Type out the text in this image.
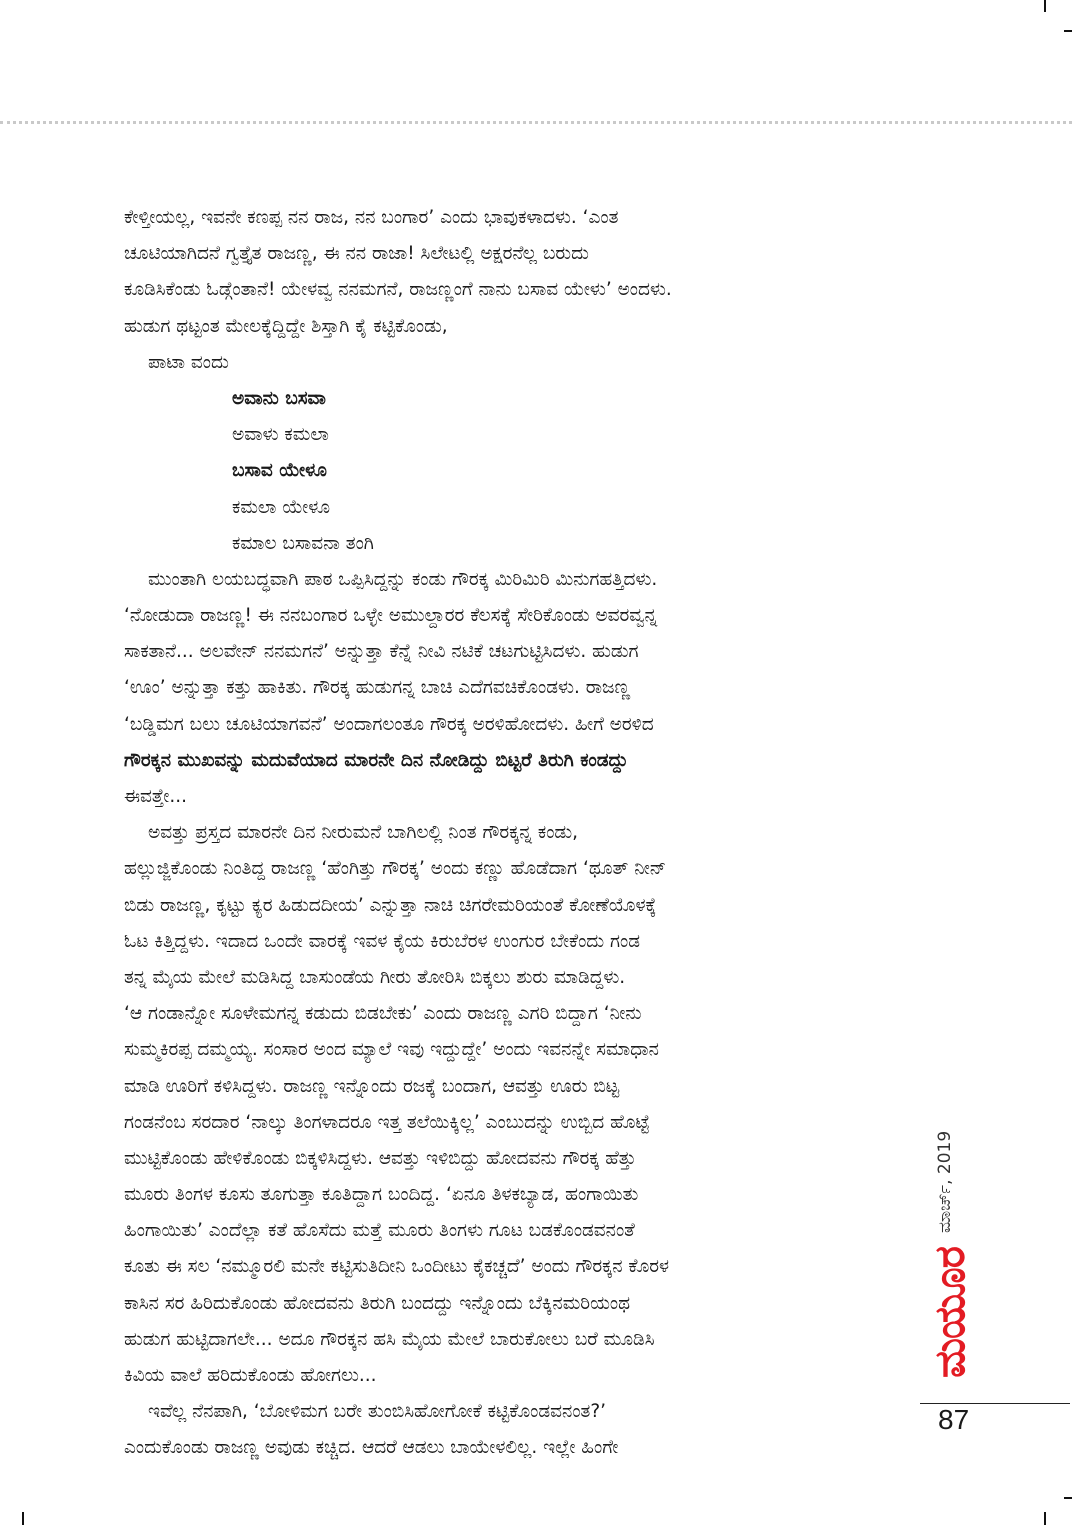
ಕೇಳ್ತೀಯಲ್ಲ, ಇವನೇ ಕಣಪ್ಪ ನನ ರಾಜ, ನನ ಬಂಗಾರ’ ಎಂದು ಭಾವುಕಳಾದಳು. ‘ಎಂತ
ಚೂಟಿಯಾಗಿದನೆ ಗ್ವತ್ತೈತ ರಾಜಣ್ಣ, ಈ ನನ ರಾಜಾ! ಸಿಲೇಟಲ್ಲಿ ಅಕ್ಷರನೆಲ್ಲ ಬರುದು
ಕೂಡಿಸಿಕೆಂಡು ಓಡ್ಗೆಂತಾನೆ! ಯೇಳವ್ವ ನನಮಗನೆ, ರಾಜಣ್ಣಂಗೆ ನಾನು ಬಸಾವ ಯೇಳು’ ಅಂದಳು.
ಹುಡುಗ ಥಟ್ಟಂತ ಮೇಲಕ್ಕೆದ್ದಿದ್ದೇ ಶಿಸ್ತಾಗಿ ಕೈ ಕಟ್ಟಿಕೊಂಡು,
ಪಾಟಾ ವಂದು
ಅವಾನು ಬಸವಾ
ಅವಾಳು ಕಮಲಾ
ಬಸಾವ ಯೇಳೂ
ಕಮಲಾ ಯೇಳೂ
ಕಮಾಲ ಬಸಾವನಾ ತಂಗಿ
ಮುಂತಾಗಿ ಲಯಬದ್ಧವಾಗಿ ಪಾಠ ಒಪ್ಪಿಸಿದ್ದನ್ನು ಕಂಡು ಗೌರಕ್ಕ ಮಿರಿಮಿರಿ ಮಿನುಗಹತ್ತಿದಳು.
‘ನೋಡುದಾ ರಾಜಣ್ಣ! ಈ ನನಬಂಗಾರ ಒಳ್ಳೇ ಅಮುಲ್ದಾರರ ಕೆಲಸಕ್ಕೆ ಸೇರಿಕೊಂಡು ಅವರವ್ವನ್ನ
ಸಾಕತಾನೆ... ಅಲವೇನ್ ನನಮಗನೆ’ ಅನ್ನುತ್ತಾ ಕೆನ್ನೆ ನೀವಿ ನಟಿಕೆ ಚಟಗುಟ್ಟಿಸಿದಳು. ಹುಡುಗ
‘ಊಂ’ ಅನ್ನುತ್ತಾ ಕತ್ತು ಹಾಕಿತು. ಗೌರಕ್ಕ ಹುಡುಗನ್ನ ಬಾಚಿ ಎದೆಗವಚಿಕೊಂಡಳು. ರಾಜಣ್ಣ
‘ಬಡ್ಡಿಮಗ ಬಲು ಚೂಟಿಯಾಗವನೆ’ ಅಂದಾಗಲಂತೂ ಗೌರಕ್ಕ ಅರಳಿಹೋದಳು. ಹೀಗೆ ಅರಳಿದ
ಗೌರಕ್ಕನ ಮುಖವನ್ನು ಮದುವೆಯಾದ ಮಾರನೇ ದಿನ ನೋಡಿದ್ದು ಬಿಟ್ಟರೆ ತಿರುಗಿ ಕಂಡದ್ದು
ಈವತ್ತೇ...
ಅವತ್ತು ಪ್ರಸ್ತದ ಮಾರನೇ ದಿನ ನೀರುಮನೆ ಬಾಗಿಲಲ್ಲಿ ನಿಂತ ಗೌರಕ್ಕನ್ನ ಕಂಡು,
ಹಲ್ಲುಜ್ಜಿಕೊಂಡು ನಿಂತಿದ್ದ ರಾಜಣ್ಣ ‘ಹೆಂಗಿತ್ತು ಗೌರಕ್ಕ’ ಅಂದು ಕಣ್ಣು ಹೊಡೆದಾಗ ‘ಥೂತ್ ನೀನ್
ಬಿಡು ರಾಜಣ್ಣ, ಕೃಟ್ಟು ಕ್ಯರ ಹಿಡುದದೀಯ’ ಎನ್ನುತ್ತಾ ನಾಚಿ ಚಿಗರೇಮರಿಯಂತೆ ಕೋಣೆಯೊಳಕ್ಕೆ
ಓಟ ಕಿತ್ತಿದ್ದಳು. ಇದಾದ ಒಂದೇ ವಾರಕ್ಕೆ ಇವಳ ಕೈಯ ಕಿರುಬೆರಳ ಉಂಗುರ ಬೇಕೆಂದು ಗಂಡ
ತನ್ನ ಮೈಯ ಮೇಲೆ ಮಡಿಸಿದ್ದ ಬಾಸುಂಡೆಯ ಗೀರು ತೋರಿಸಿ ಬಿಕ್ಕಲು ಶುರು ಮಾಡಿದ್ದಳು.
‘ಆ ಗಂಡಾನ್ನೋ ಸೂಳೇಮಗನ್ನ ಕಡುದು ಬಿಡಬೇಕು’ ಎಂದು ರಾಜಣ್ಣ ಎಗರಿ ಬಿದ್ದಾಗ ‘ನೀನು
ಸುಮ್ಮಕಿರಪ್ಪ ದಮ್ಮಯ್ಯ. ಸಂಸಾರ ಅಂದ ಮ್ಯಾಲೆ ಇವು ಇದ್ದುದ್ದೇ’ ಅಂದು ಇವನನ್ನೇ ಸಮಾಧಾನ
ಮಾಡಿ ಊರಿಗೆ ಕಳಿಸಿದ್ದಳು. ರಾಜಣ್ಣ ಇನ್ನೊಂದು ರಜಕ್ಕೆ ಬಂದಾಗ, ಆವತ್ತು ಊರು ಬಿಟ್ಟ
ಗಂಡನೆಂಬ ಸರದಾರ ‘ನಾಲ್ಕು ತಿಂಗಳಾದರೂ ಇತ್ತ ತಲೆಯಿಕ್ಕಿಲ್ಲ’ ಎಂಬುದನ್ನು ಉಬ್ಬಿದ ಹೊಟ್ಟೆ
ಮುಟ್ಟಿಕೊಂಡು ಹೇಳಿಕೊಂಡು ಬಿಕ್ಕಳಿಸಿದ್ದಳು. ಆವತ್ತು ಇಳಿಬಿದ್ದು ಹೋದವನು ಗೌರಕ್ಕ ಹೆತ್ತು
ಮೂರು ತಿಂಗಳ ಕೂಸು ತೂಗುತ್ತಾ ಕೂತಿದ್ದಾಗ ಬಂದಿದ್ದ. ‘ಏನೂ ತಿಳಕಬ್ಯಾಡ, ಹಂಗಾಯಿತು
ಹಿಂಗಾಯಿತು’ ಎಂದೆಲ್ಲಾ ಕತೆ ಹೊಸೆದು ಮತ್ತೆ ಮೂರು ತಿಂಗಳು ಗೂಟ ಬಡಕೊಂಡವನಂತೆ
ಕೂತು ಈ ಸಲ ‘ನಮ್ಮೂರಲಿ ಮನೇ ಕಟ್ಟಿಸುತಿದೀನಿ ಒಂದೀಟು ಕೈಕಚ್ಚದೆ’ ಅಂದು ಗೌರಕ್ಕನ ಕೊರಳ
ಕಾಸಿನ ಸರ ಹಿರಿದುಕೊಂಡು ಹೋದವನು ತಿರುಗಿ ಬಂದದ್ದು ಇನ್ನೊಂದು ಬೆಕ್ಕಿನಮರಿಯಂಥ
ಹುಡುಗ ಹುಟ್ಟಿದಾಗಲೇ... ಅದೂ ಗೌರಕ್ಕನ ಹಸಿ ಮೈಯ ಮೇಲೆ ಬಾರುಕೋಲು ಬರೆ ಮೂಡಿಸಿ
ಕಿವಿಯ ವಾಲೆ ಹರಿದುಕೊಂಡು ಹೋಗಲು...
ಇವೆಲ್ಲ ನೆನಪಾಗಿ, ‘ಬೋಳಿಮಗ ಬರೇ ತುಂಬಿಸಿಹೋಗೋಕೆ ಕಟ್ಟಿಕೊಂಡವನಂತ?’
ಎಂದುಕೊಂಡು ರಾಜಣ್ಣ ಅವುಡು ಕಚ್ಚಿದ. ಆದರೆ ಆಡಲು ಬಾಯೇಳಲಿಲ್ಲ. ಇಲ್ಲೇ ಹಿಂಗೇ
ಮಾರ್ಚ್, 2019
ಮಯೂರ
87
